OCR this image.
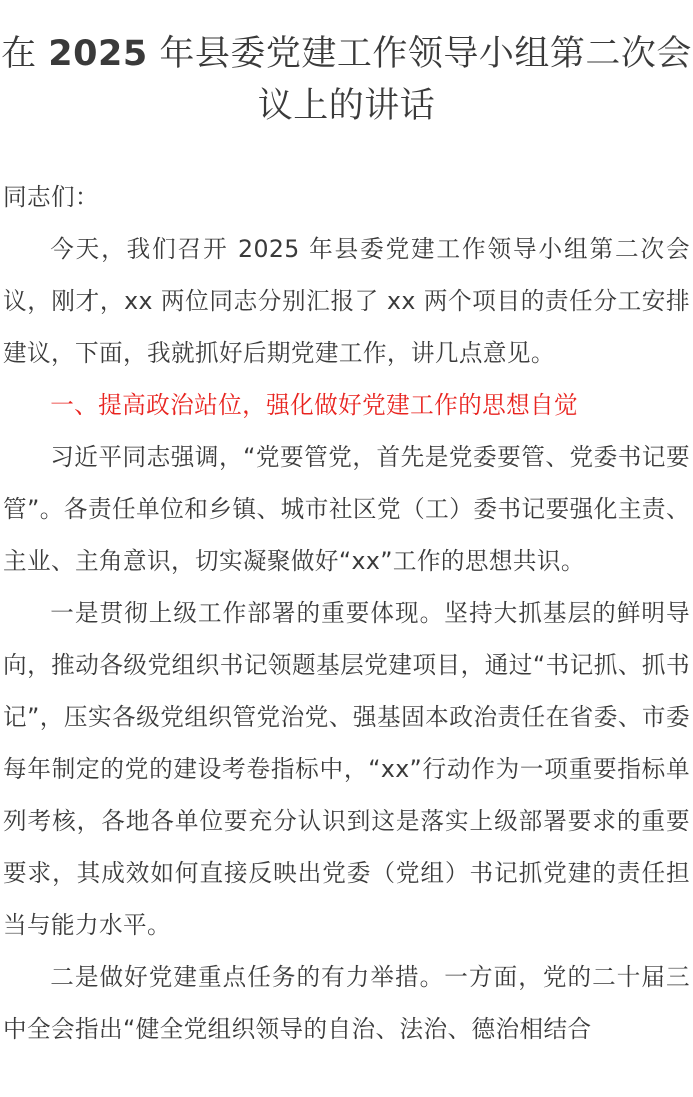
在 2025 年县委党建工作领导小组第二次会
议上的讲话

同志们：

今天，我们召开 2025 年县委党建工作领导小组第二次会议，刚才，xx 两位同志分别汇报了 xx 两个项目的责任分工安排建议，下面，我就抓好后期党建工作，讲几点意见。

一、提高政治站位，强化做好党建工作的思想自觉

习近平同志强调，“党要管党，首先是党委要管、党委书记要管”。各责任单位和乡镇、城市社区党（工）委书记要强化主责、主业、主角意识，切实凝聚做好“xx”工作的思想共识。

一是贯彻上级工作部署的重要体现。坚持大抓基层的鲜明导向，推动各级党组织书记领题基层党建项目，通过“书记抓、抓书记”，压实各级党组织管党治党、强基固本政治责任在省委、市委每年制定的党的建设考卷指标中，“xx”行动作为一项重要指标单列考核，各地各单位要充分认识到这是落实上级部署要求的重要要求，其成效如何直接反映出党委（党组）书记抓党建的责任担当与能力水平。

二是做好党建重点任务的有力举措。一方面，党的二十届三中全会指出“健全党组织领导的自治、法治、德治相结合
